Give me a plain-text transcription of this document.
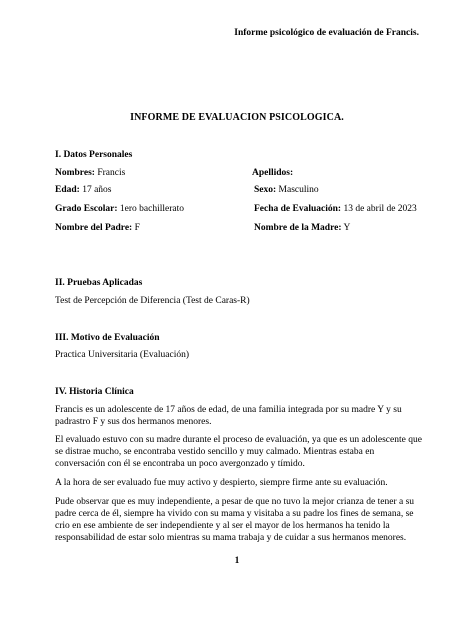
Informe psicológico de evaluación de Francis.
INFORME DE EVALUACION PSICOLOGICA.
I. Datos Personales
Nombres: Francis	Apellidos:
Edad: 17 años	Sexo: Masculino
Grado Escolar: 1ero bachillerato	Fecha de Evaluación: 13 de abril de 2023
Nombre del Padre: F	Nombre de la Madre: Y
II. Pruebas Aplicadas
Test de Percepción de Diferencia (Test de Caras-R)
III. Motivo de Evaluación
Practica Universitaria (Evaluación)
IV. Historia Clínica
Francis es un adolescente de 17 años de edad, de una familia integrada por su madre Y y su
padrastro F y sus dos hermanos menores.
El evaluado estuvo con su madre durante el proceso de evaluación, ya que es un adolescente que
se distrae mucho, se encontraba vestido sencillo y muy calmado. Mientras estaba en
conversación con él se encontraba un poco avergonzado y tímido.
A la hora de ser evaluado fue muy activo y despierto, siempre firme ante su evaluación.
Pude observar que es muy independiente, a pesar de que no tuvo la mejor crianza de tener a su
padre cerca de él, siempre ha vivido con su mama y visitaba a su padre los fines de semana, se
crio en ese ambiente de ser independiente y al ser el mayor de los hermanos ha tenido la
responsabilidad de estar solo mientras su mama trabaja y de cuidar a sus hermanos menores.
1
